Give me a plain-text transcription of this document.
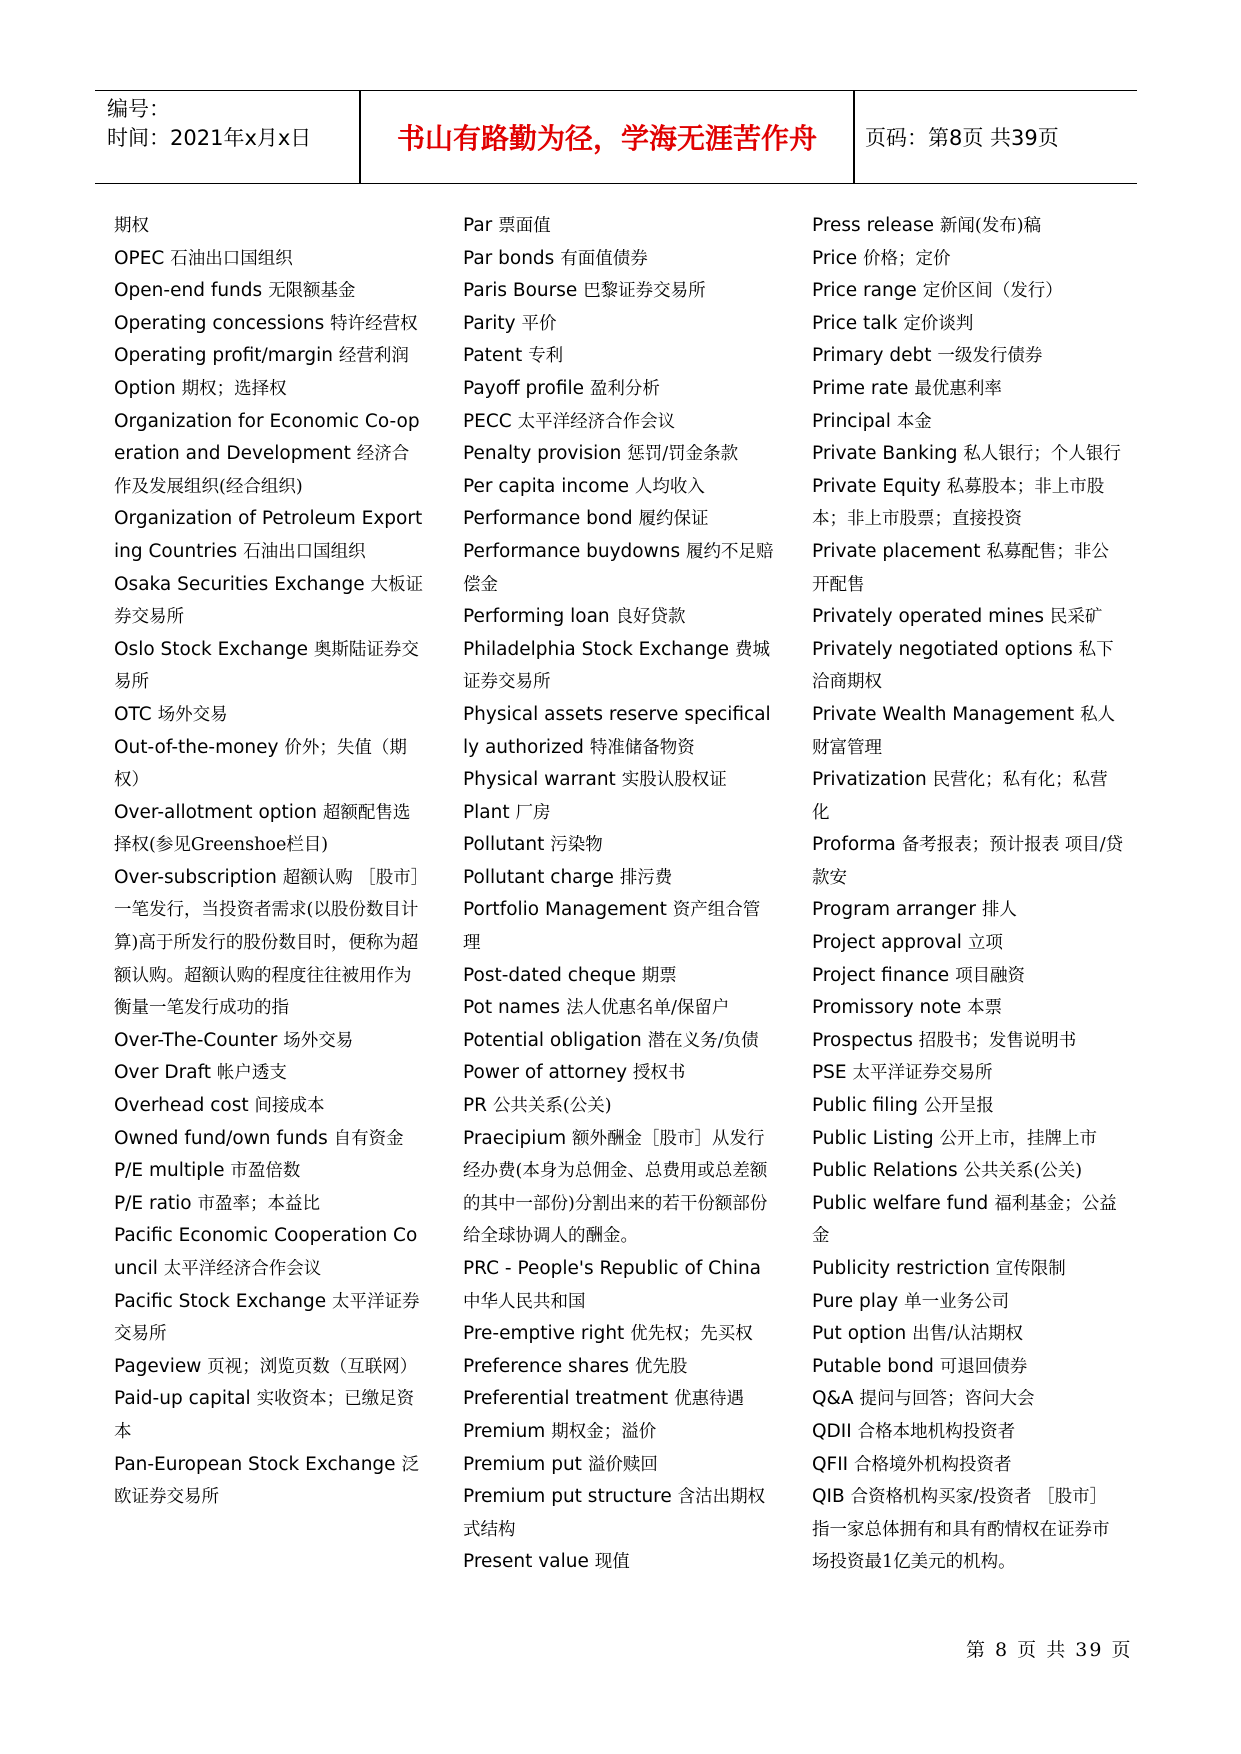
编号：
时间：2021年x月x日	书山有路勤为径，学海无涯苦作舟	页码：第8页 共39页

期权

OPEC 石油出口国组织

Open-end funds 无限额基金

Operating concessions 特许经营权

Operating profit/margin 经营利润

Option 期权；选择权

Organization for Economic Co-operation and Development 经济合作及发展组织(经合组织)

Organization of Petroleum Exporting Countries 石油出口国组织

Osaka Securities Exchange 大板证券交易所

Oslo Stock Exchange 奥斯陆证券交易所

OTC 场外交易

Out-of-the-money 价外；失值（期权）

Over-allotment option 超额配售选择权(参见Greenshoe栏目)

Over-subscription 超额认购 ［股市］一笔发行，当投资者需求(以股份数目计算)高于所发行的股份数目时，便称为超额认购。超额认购的程度往往被用作为衡量一笔发行成功的指

Over-The-Counter 场外交易

Over Draft 帐户透支

Overhead cost 间接成本

Owned fund/own funds 自有资金

P/E multiple 市盈倍数

P/E ratio 市盈率；本益比

Pacific Economic Cooperation Council 太平洋经济合作会议

Pacific Stock Exchange 太平洋证券交易所

Pageview 页视；浏览页数（互联网）

Paid-up capital 实收资本；已缴足资本

Pan-European Stock Exchange 泛欧证券交易所

Par 票面值

Par bonds 有面值债券

Paris Bourse 巴黎证券交易所

Parity 平价

Patent 专利

Payoff profile 盈利分析

PECC 太平洋经济合作会议

Penalty provision 惩罚/罚金条款

Per capita income 人均收入

Performance bond 履约保证

Performance buydowns 履约不足赔偿金

Performing loan 良好贷款

Philadelphia Stock Exchange 费城证券交易所

Physical assets reserve specifically authorized 特准储备物资

Physical warrant 实股认股权证

Plant 厂房

Pollutant 污染物

Pollutant charge 排污费

Portfolio Management 资产组合管理

Post-dated cheque 期票

Pot names 法人优惠名单/保留户

Potential obligation 潜在义务/负债

Power of attorney 授权书

PR 公共关系(公关)

Praecipium 额外酬金［股市］从发行经办费(本身为总佣金、总费用或总差额的其中一部份)分割出来的若干份额部份给全球协调人的酬金。

PRC - People's Republic of China 中华人民共和国

Pre-emptive right 优先权；先买权

Preference shares 优先股

Preferential treatment 优惠待遇

Premium 期权金；溢价

Premium put 溢价赎回

Premium put structure 含沽出期权式结构

Present value 现值

Press release 新闻(发布)稿

Price 价格；定价

Price range 定价区间（发行）

Price talk 定价谈判

Primary debt 一级发行债券

Prime rate 最优惠利率

Principal 本金

Private Banking 私人银行；个人银行

Private Equity 私募股本；非上市股本；非上市股票；直接投资

Private placement 私募配售；非公开配售

Privately operated mines 民采矿

Privately negotiated options 私下洽商期权

Private Wealth Management 私人财富管理

Privatization 民营化；私有化；私营化

Proforma 备考报表；预计报表 项目/贷款安

Program arranger 排人

Project approval 立项

Project finance 项目融资

Promissory note 本票

Prospectus 招股书；发售说明书

PSE 太平洋证券交易所

Public filing 公开呈报

Public Listing 公开上市，挂牌上市

Public Relations 公共关系(公关)

Public welfare fund 福利基金；公益金

Publicity restriction 宣传限制

Pure play 单一业务公司

Put option 出售/认沽期权

Putable bond 可退回债券

Q&A 提问与回答；咨问大会

QDII 合格本地机构投资者

QFII 合格境外机构投资者

QIB 合资格机构买家/投资者 ［股市］指一家总体拥有和具有酌情权在证券市场投资最1亿美元的机构。

第 8 页 共 39 页
